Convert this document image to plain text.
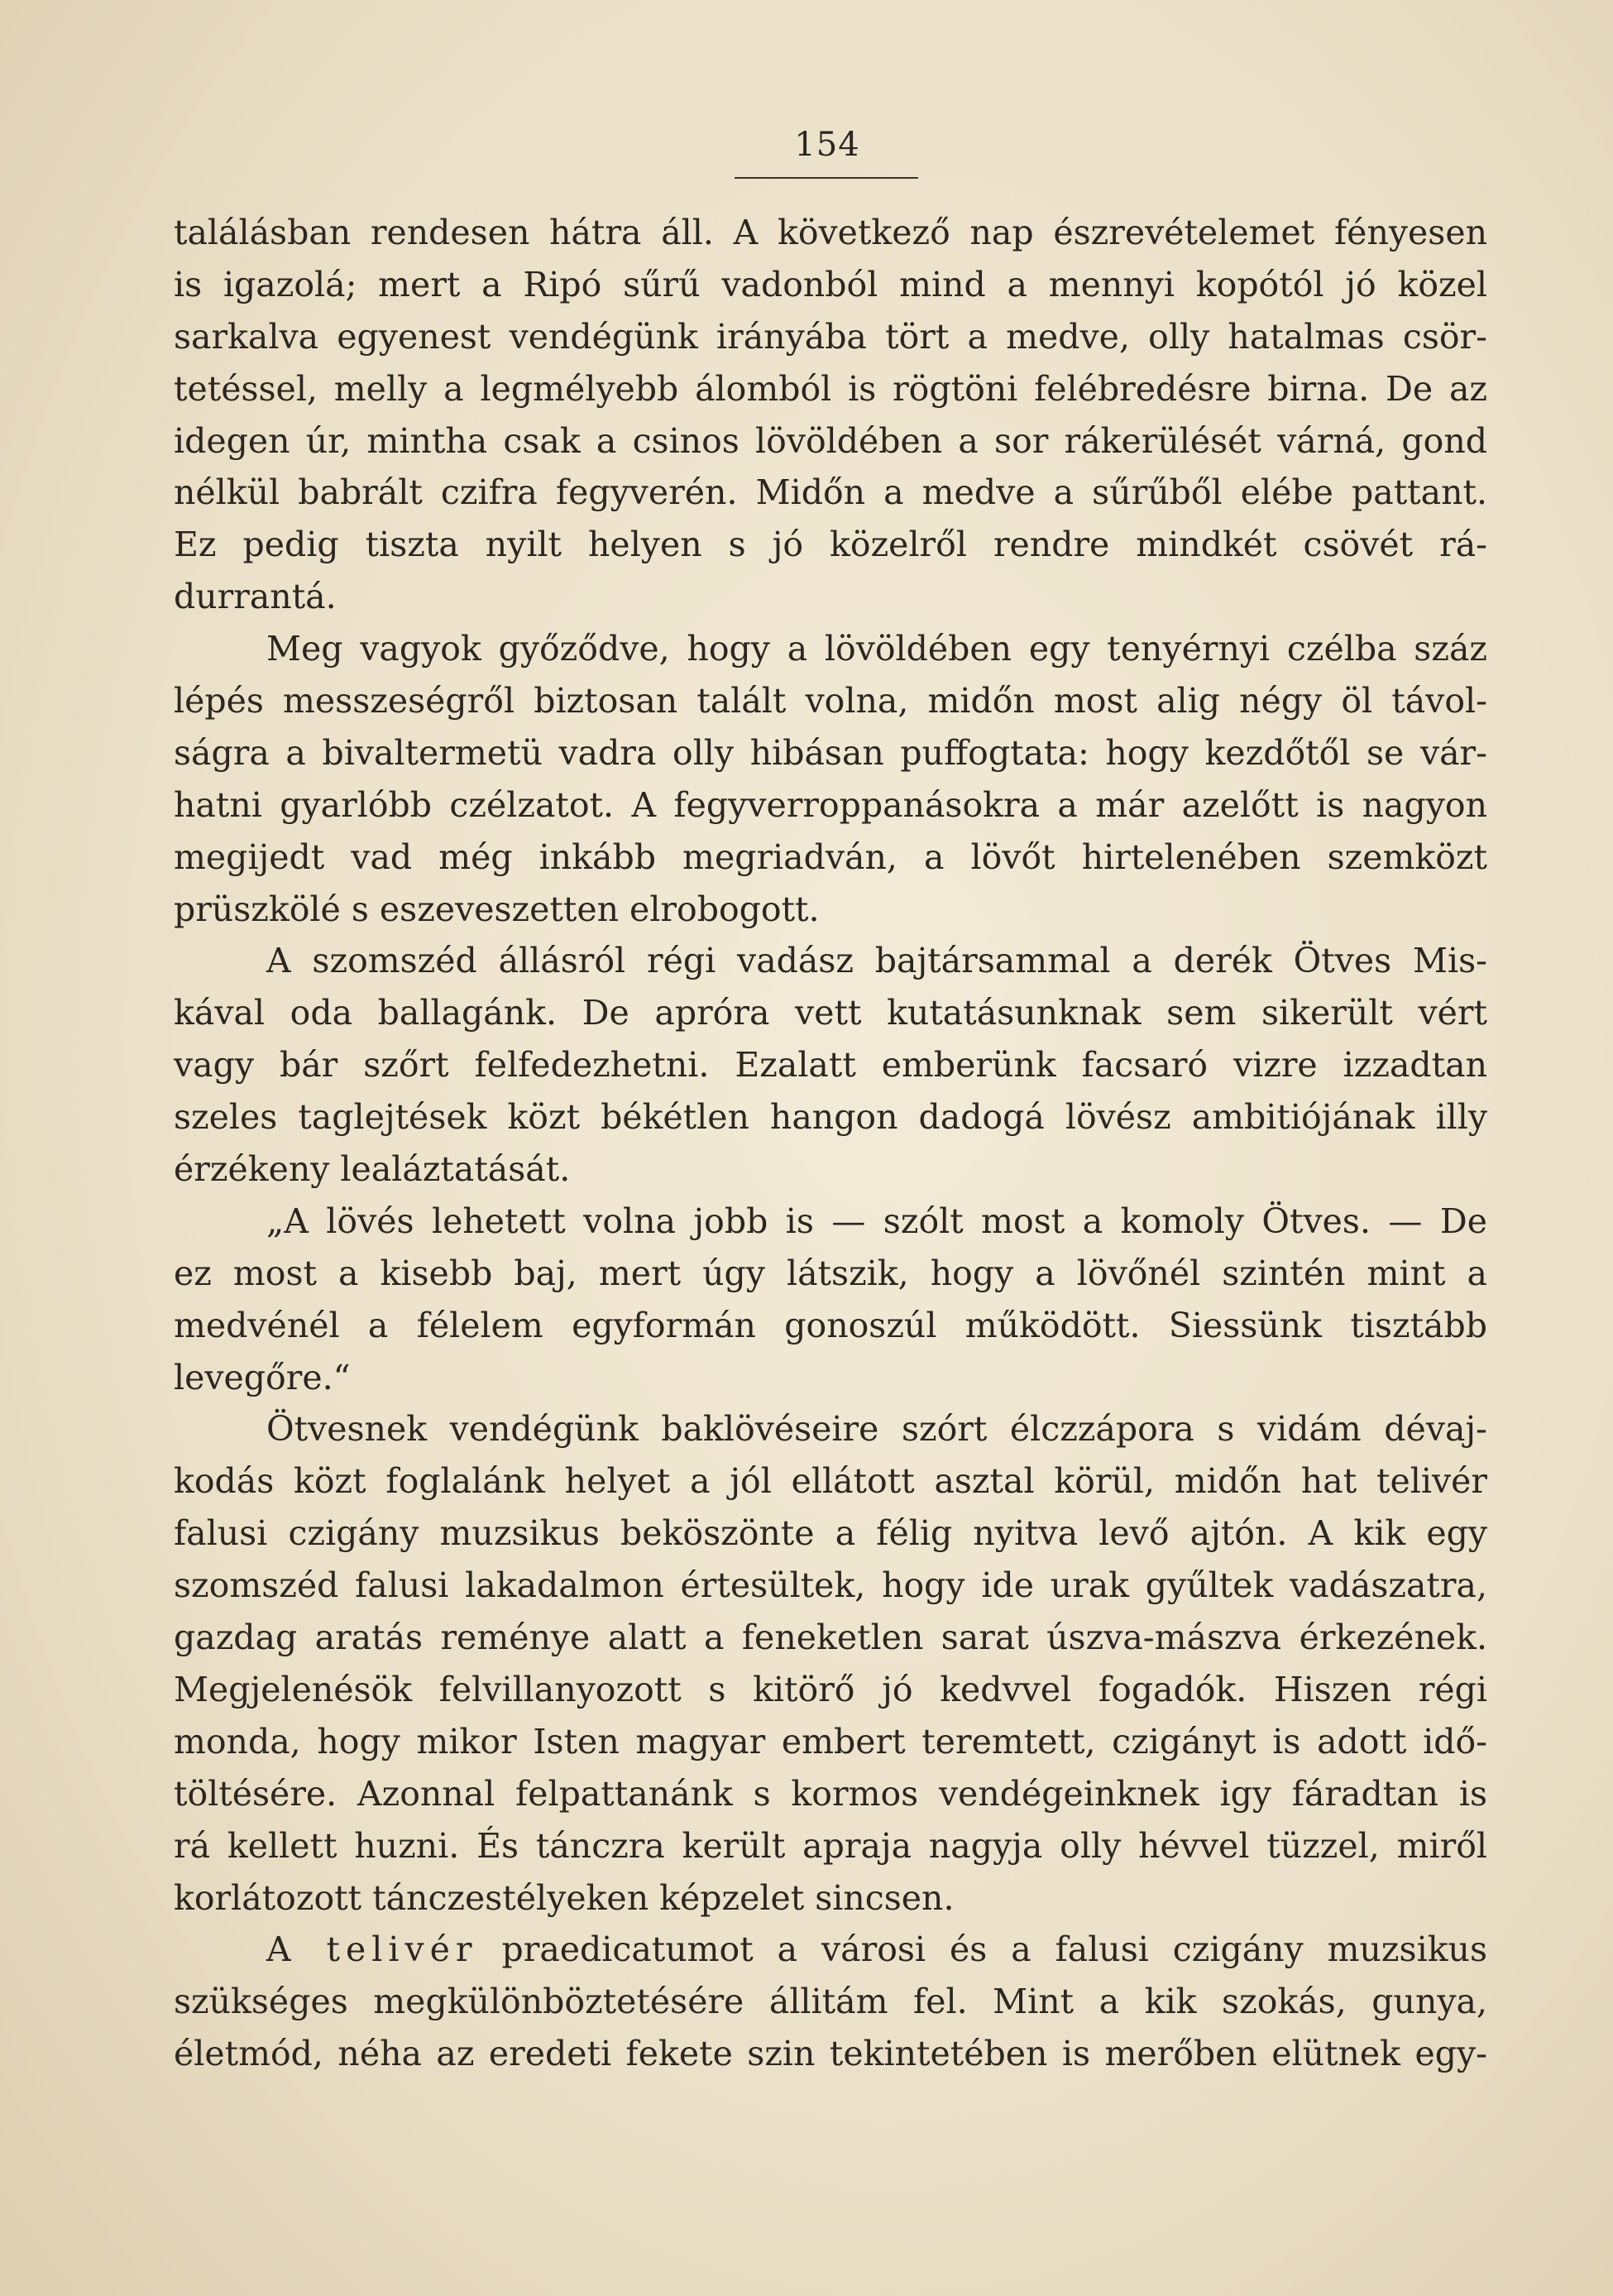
154
találásban rendesen hátra áll. A következő nap észrevételemet fényesen
is igazolá; mert a Ripó sűrű vadonból mind a mennyi kopótól jó közel
sarkalva egyenest vendégünk irányába tört a medve, olly hatalmas csör-
tetéssel, melly a legmélyebb álomból is rögtöni felébredésre birna. De az
idegen úr, mintha csak a csinos lövöldében a sor rákerülését várná, gond
nélkül babrált czifra fegyverén. Midőn a medve a sűrűből elébe pattant.
Ez pedig tiszta nyilt helyen s jó közelről rendre mindkét csövét rá-
durrantá.
Meg vagyok győződve, hogy a lövöldében egy tenyérnyi czélba száz
lépés messzeségről biztosan talált volna, midőn most alig négy öl távol-
ságra a bivaltermetü vadra olly hibásan puffogtata: hogy kezdőtől se vár-
hatni gyarlóbb czélzatot. A fegyverroppanásokra a már azelőtt is nagyon
megijedt vad még inkább megriadván, a lövőt hirtelenében szemközt
prüszkölé s eszeveszetten elrobogott.
A szomszéd állásról régi vadász bajtársammal a derék Ötves Mis-
kával oda ballagánk. De aprόra vett kutatásunknak sem sikerült vért
vagy bár szőrt felfedezhetni. Ezalatt emberünk facsaró vizre izzadtan
szeles taglejtések közt békétlen hangon dadogá lövész ambitiójának illy
érzékeny lealáztatását.
„A lövés lehetett volna jobb is — szólt most a komoly Ötves. — De
ez most a kisebb baj, mert úgy látszik, hogy a lövőnél szintén mint a
medvénél a félelem egyformán gonoszúl működött. Siessünk tisztább
levegőre.“
Ötvesnek vendégünk baklövéseire szórt élczzápora s vidám dévaj-
kodás közt foglalánk helyet a jól ellátott asztal körül, midőn hat telivér
falusi czigány muzsikus beköszönte a félig nyitva levő ajtón. A kik egy
szomszéd falusi lakadalmon értesültek, hogy ide urak gyűltek vadászatra,
gazdag aratás reménye alatt a feneketlen sarat úszva-mászva érkezének.
Megjelenésök felvillanyozott s kitörő jó kedvvel fogadók. Hiszen régi
monda, hogy mikor Isten magyar embert teremtett, czigányt is adott idő-
töltésére. Azonnal felpattanánk s kormos vendégeinknek igy fáradtan is
rá kellett huzni. És tánczra került apraja nagyja olly hévvel tüzzel, miről
korlátozott tánczestélyeken képzelet sincsen.
A telivér praedicatumot a városi és a falusi czigány muzsikus
szükséges megkülönböztetésére állitám fel. Mint a kik szokás, gunya,
életmód, néha az eredeti fekete szin tekintetében is merőben elütnek egy-
